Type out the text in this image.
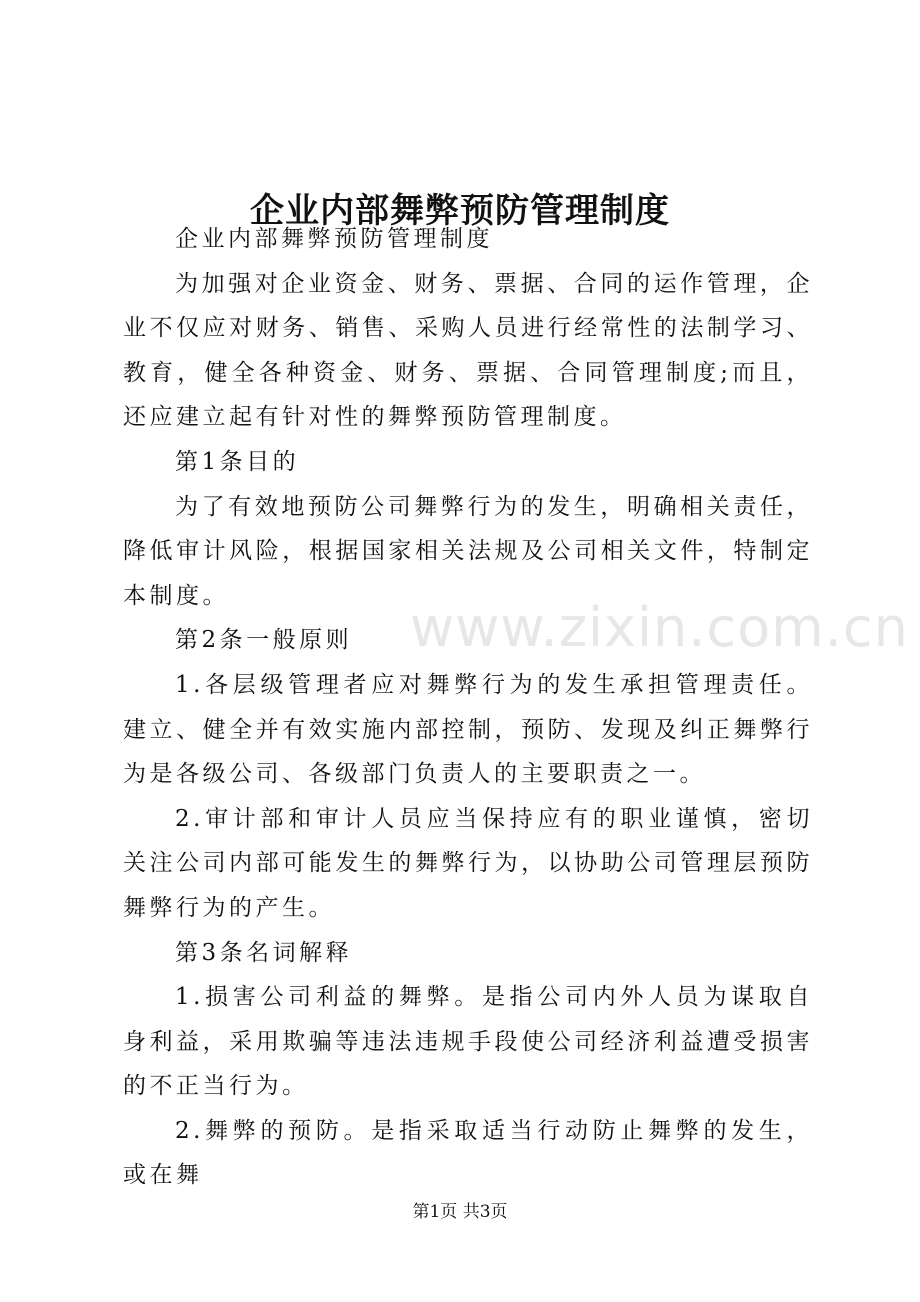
www.zixin.com.cn
企业内部舞弊预防管理制度

企业内部舞弊预防管理制度

为加强对企业资金、财务、票据、合同的运作管理，企业不仅应对财务、销售、采购人员进行经常性的法制学习、教育，健全各种资金、财务、票据、合同管理制度;而且，还应建立起有针对性的舞弊预防管理制度。

第1条目的

为了有效地预防公司舞弊行为的发生，明确相关责任，降低审计风险，根据国家相关法规及公司相关文件，特制定本制度。

第2条一般原则

1.各层级管理者应对舞弊行为的发生承担管理责任。建立、健全并有效实施内部控制，预防、发现及纠正舞弊行为是各级公司、各级部门负责人的主要职责之一。

2.审计部和审计人员应当保持应有的职业谨慎，密切关注公司内部可能发生的舞弊行为，以协助公司管理层预防舞弊行为的产生。

第3条名词解释

1.损害公司利益的舞弊。是指公司内外人员为谋取自身利益，采用欺骗等违法违规手段使公司经济利益遭受损害的不正当行为。

2.舞弊的预防。是指采取适当行动防止舞弊的发生，或在舞

第1页 共3页
